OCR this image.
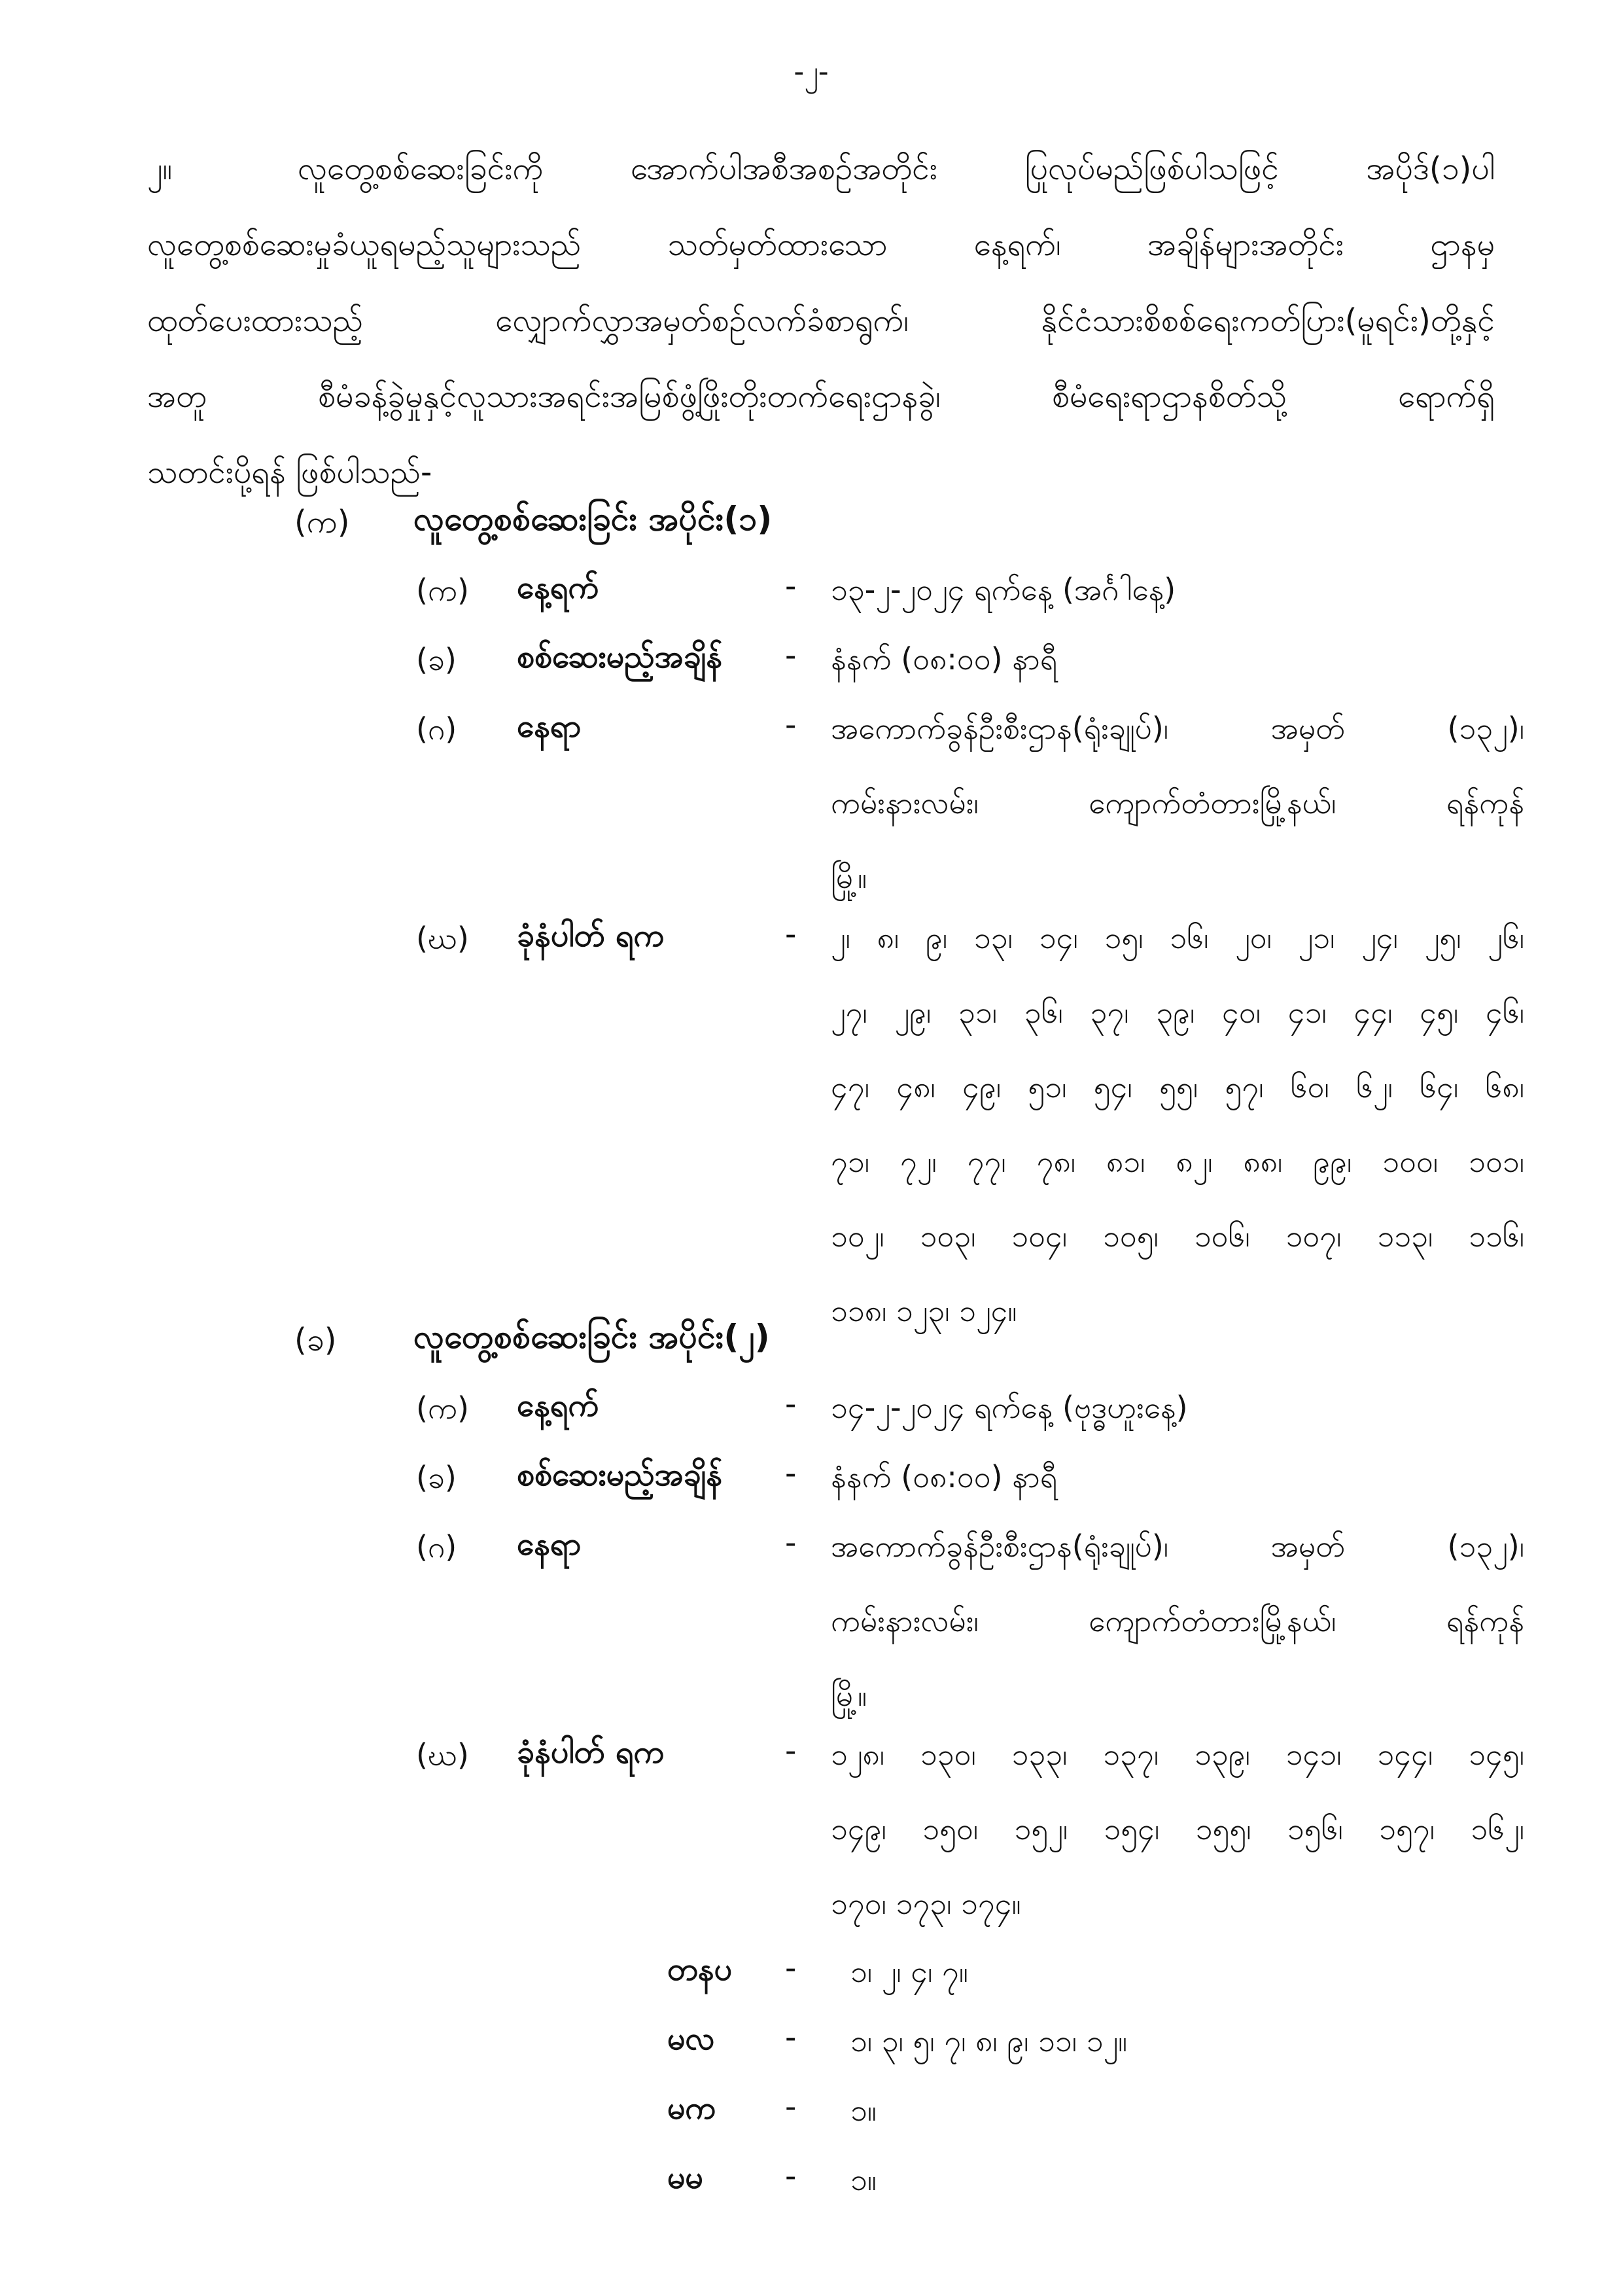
-၂-
၂။	လူတွေ့စစ်ဆေးခြင်းကို အောက်ပါအစီအစဉ်အတိုင်း ပြုလုပ်မည်ဖြစ်ပါသဖြင့် အပိုဒ်(၁)ပါ
လူတွေ့စစ်ဆေးမှုခံယူရမည့်သူများသည် သတ်မှတ်ထားသော နေ့ရက်၊ အချိန်များအတိုင်း ဌာနမှ
ထုတ်ပေးထားသည့် လျှောက်လွှာအမှတ်စဉ်လက်ခံစာရွက်၊ နိုင်ငံသားစိစစ်ရေးကတ်ပြား(မူရင်း)တို့နှင့်
အတူ စီမံခန့်ခွဲမှုနှင့်လူသားအရင်းအမြစ်ဖွံ့ဖြိုးတိုးတက်ရေးဌာနခွဲ၊ စီမံရေးရာဌာနစိတ်သို့ ရောက်ရှိ
သတင်းပို့ရန် ဖြစ်ပါသည်-
(က) လူတွေ့စစ်ဆေးခြင်း အပိုင်း(၁)
(က) နေ့ရက်	- ၁၃-၂-၂၀၂၄ ရက်နေ့ (အင်္ဂါနေ့)
(ခ) စစ်ဆေးမည့်အချိန် - နံနက် (၀၈:၀၀) နာရီ
(ဂ) နေရာ	- အကောက်ခွန်ဦးစီးဌာန(ရုံးချုပ်)၊ အမှတ် (၁၃၂)၊
ကမ်းနားလမ်း၊ ကျောက်တံတားမြို့နယ်၊ ရန်ကုန်
မြို့။
(ဃ) ခုံနံပါတ် ရက	- ၂၊ ၈၊ ၉၊ ၁၃၊ ၁၄၊ ၁၅၊ ၁၆၊ ၂၀၊ ၂၁၊ ၂၄၊ ၂၅၊ ၂၆၊
၂၇၊ ၂၉၊ ၃၁၊ ၃၆၊ ၃၇၊ ၃၉၊ ၄၀၊ ၄၁၊ ၄၄၊ ၄၅၊ ၄၆၊
၄၇၊ ၄၈၊ ၄၉၊ ၅၁၊ ၅၄၊ ၅၅၊ ၅၇၊ ၆၀၊ ၆၂၊ ၆၄၊ ၆၈၊
၇၁၊ ၇၂၊ ၇၇၊ ၇၈၊ ၈၁၊ ၈၂၊ ၈၈၊ ၉၉၊ ၁၀၀၊ ၁၀၁၊
၁၀၂၊ ၁၀၃၊ ၁၀၄၊ ၁၀၅၊ ၁၀၆၊ ၁၀၇၊ ၁၁၃၊ ၁၁၆၊
၁၁၈၊ ၁၂၃၊ ၁၂၄။
(ခ) လူတွေ့စစ်ဆေးခြင်း အပိုင်း(၂)
(က) နေ့ရက်	- ၁၄-၂-၂၀၂၄ ရက်နေ့ (ဗုဒ္ဓဟူးနေ့)
(ခ) စစ်ဆေးမည့်အချိန် - နံနက် (၀၈:၀၀) နာရီ
(ဂ) နေရာ	- အကောက်ခွန်ဦးစီးဌာန(ရုံးချုပ်)၊ အမှတ် (၁၃၂)၊
ကမ်းနားလမ်း၊ ကျောက်တံတားမြို့နယ်၊ ရန်ကုန်
မြို့။
(ဃ) ခုံနံပါတ် ရက	- ၁၂၈၊ ၁၃၀၊ ၁၃၃၊ ၁၃၇၊ ၁၃၉၊ ၁၄၁၊ ၁၄၄၊ ၁၄၅၊
၁၄၉၊ ၁၅၀၊ ၁၅၂၊ ၁၅၄၊ ၁၅၅၊ ၁၅၆၊ ၁၅၇၊ ၁၆၂၊
၁၇၀၊ ၁၇၃၊ ၁၇၄။
တနပ - ၁၊ ၂၊ ၄၊ ၇။
မလ - ၁၊ ၃၊ ၅၊ ၇၊ ၈၊ ၉၊ ၁၁၊ ၁၂။
မက - ၁။
မမ	- ၁။
